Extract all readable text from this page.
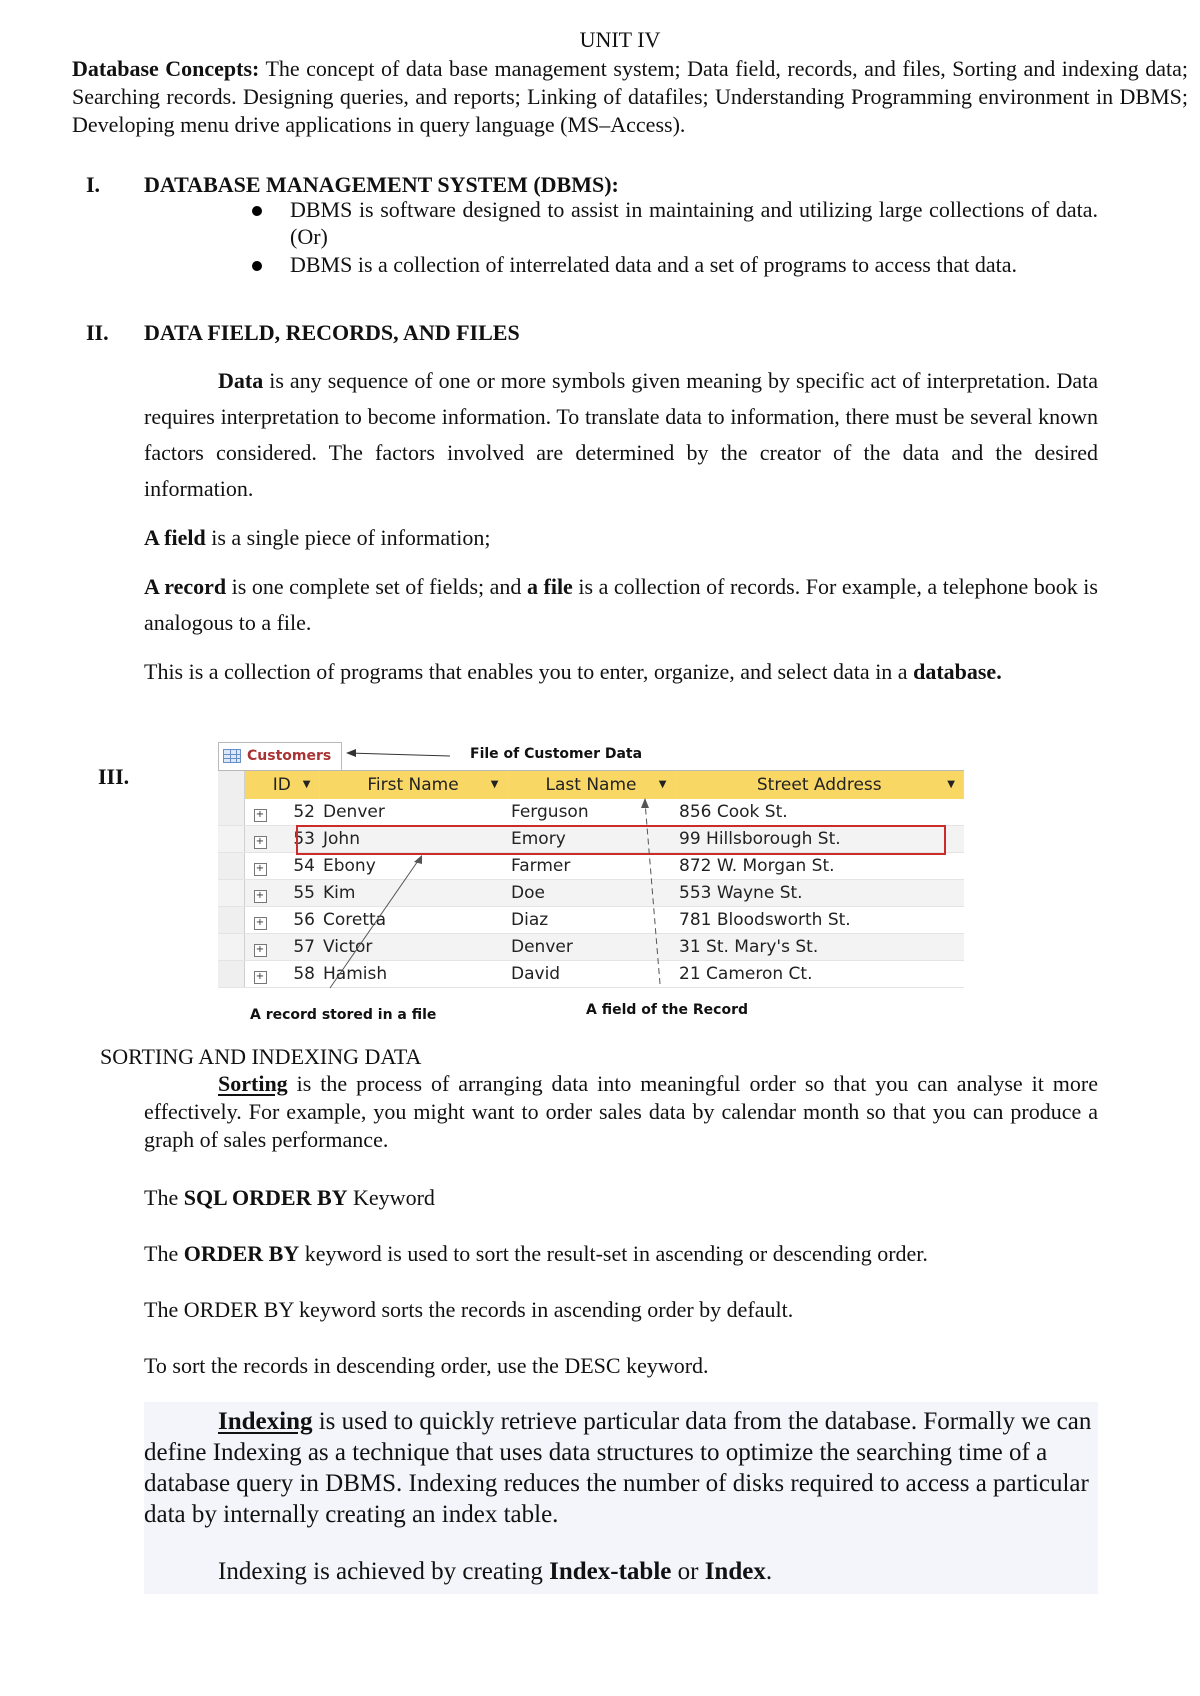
UNIT IV
Database Concepts: The concept of data base management system; Data field, records, and files, Sorting and indexing data; Searching records. Designing queries, and reports; Linking of datafiles; Understanding Programming environment in DBMS; Developing menu drive applications in query language (MS–Access).
I. DATABASE MANAGEMENT SYSTEM (DBMS):
DBMS is software designed to assist in maintaining and utilizing large collections of data. (Or)
DBMS is a collection of interrelated data and a set of programs to access that data.
II. DATA FIELD, RECORDS, AND FILES

Data is any sequence of one or more symbols given meaning by specific act of interpretation. Data requires interpretation to become information. To translate data to information, there must be several known factors considered. The factors involved are determined by the creator of the data and the desired information.

A field is a single piece of information;

A record is one complete set of fields; and a file is a collection of records. For example, a telephone book is analogous to a file.

This is a collection of programs that enables you to enter, organize, and select data in a database.

III.
Customers	File of Customer Data
	ID ▼		First Name ▼	Last Name ▼	Street Address ▼

	+	52	Denver	Ferguson	856 Cook St.
	+	53	John	Emory	99 Hillsborough St.
	+	54	Ebony	Farmer	872 W. Morgan St.
	+	55	Kim	Doe	553 Wayne St.
	+	56	Coretta	Diaz	781 Bloodsworth St.
	+	57	Victor	Denver	31 St. Mary's St.
	+	58	Hamish	David	21 Cameron Ct.
A record stored in a file	A field of the Record
SORTING AND INDEXING DATA

Sorting is the process of arranging data into meaningful order so that you can analyse it more effectively. For example, you might want to order sales data by calendar month so that you can produce a graph of sales performance.

The SQL ORDER BY Keyword

The ORDER BY keyword is used to sort the result-set in ascending or descending order.

The ORDER BY keyword sorts the records in ascending order by default.

To sort the records in descending order, use the DESC keyword.

Indexing is used to quickly retrieve particular data from the database. Formally we can define Indexing as a technique that uses data structures to optimize the searching time of a database query in DBMS. Indexing reduces the number of disks required to access a particular data by internally creating an index table.

Indexing is achieved by creating Index-table or Index.
